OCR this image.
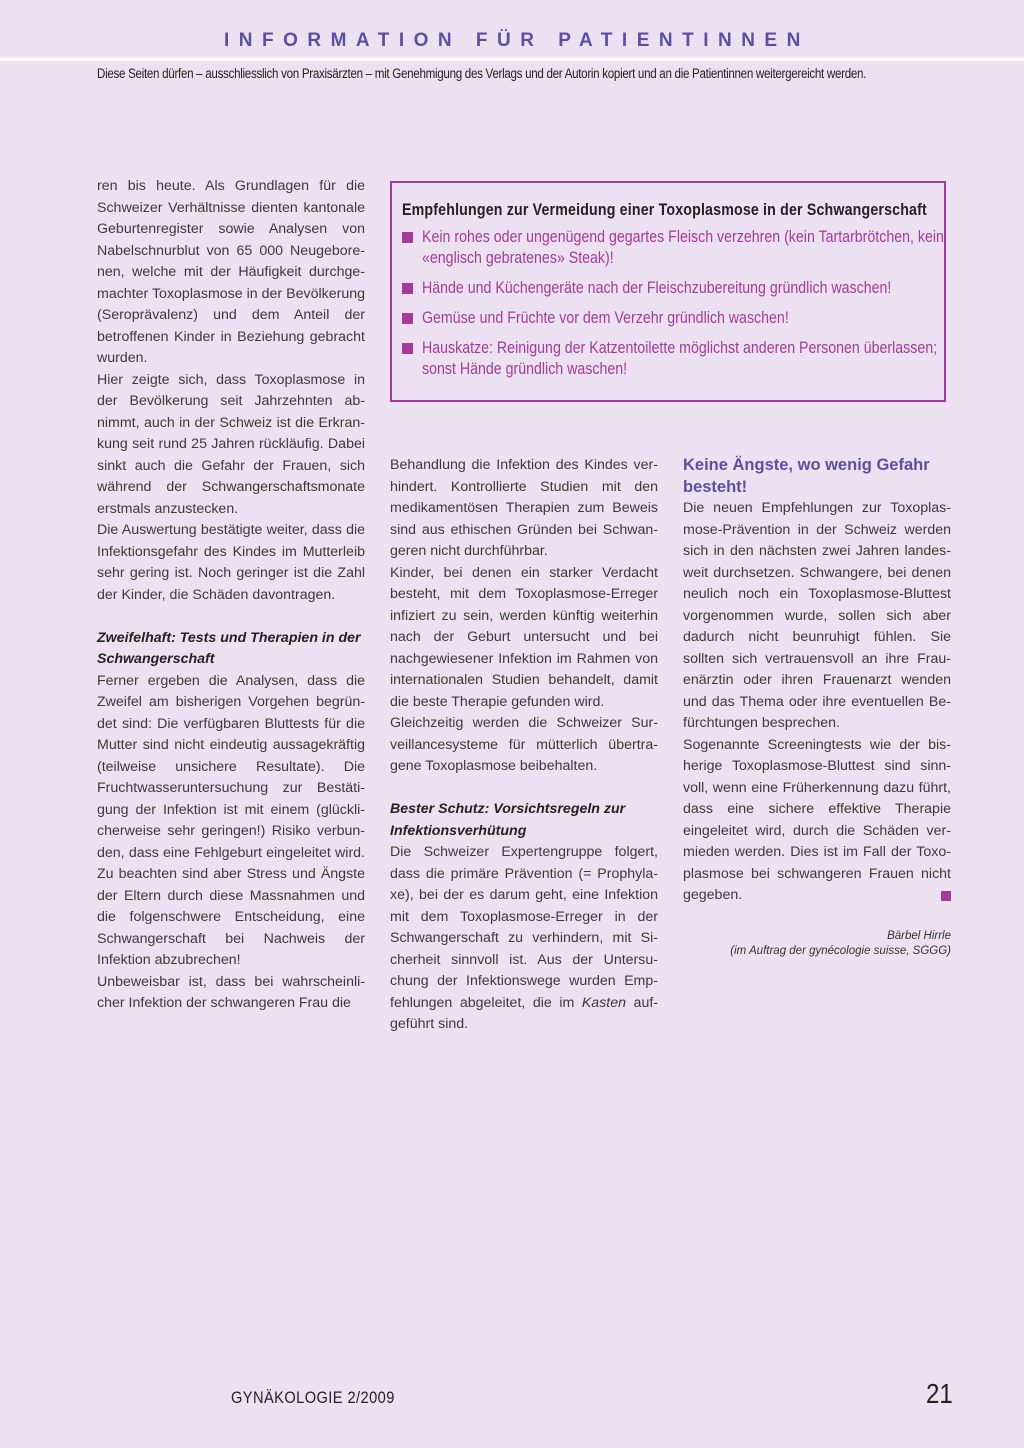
INFORMATION FÜR PATIENTINNEN
Diese Seiten dürfen – ausschliesslich von Praxisärzten – mit Genehmigung des Verlags und der Autorin kopiert und an die Patientinnen weitergereicht werden.

ren bis heute. Als Grundlagen für die Schweizer Verhältnisse dienten kantonale Geburtenregister sowie Analysen von Nabelschnurblut von 65 000 Neugeborenen, welche mit der Häufigkeit durchgemachter Toxoplasmose in der Bevölkerung (Seroprävalenz) und dem Anteil der betroffenen Kinder in Beziehung gebracht wurden.

Hier zeigte sich, dass Toxoplasmose in der Bevölkerung seit Jahrzehnten abnimmt, auch in der Schweiz ist die Erkrankung seit rund 25 Jahren rückläufig. Dabei sinkt auch die Gefahr der Frauen, sich während der Schwangerschaftsmonate erstmals anzustecken.

Die Auswertung bestätigte weiter, dass die Infektionsgefahr des Kindes im Mutterleib sehr gering ist. Noch geringer ist die Zahl der Kinder, die Schäden davontragen.

Zweifelhaft: Tests und Therapien in der Schwangerschaft

Ferner ergeben die Analysen, dass die Zweifel am bisherigen Vorgehen begründet sind: Die verfügbaren Bluttests für die Mutter sind nicht eindeutig aussagekräftig (teilweise unsichere Resultate). Die Fruchtwasseruntersuchung zur Bestätigung der Infektion ist mit einem (glücklicherweise sehr geringen!) Risiko verbunden, dass eine Fehlgeburt eingeleitet wird. Zu beachten sind aber Stress und Ängste der Eltern durch diese Massnahmen und die folgenschwere Entscheidung, eine Schwangerschaft bei Nachweis der Infektion abzubrechen!

Unbeweisbar ist, dass bei wahrscheinlicher Infektion der schwangeren Frau die

Empfehlungen zur Vermeidung einer Toxoplasmose in der Schwangerschaft
Kein rohes oder ungenügend gegartes Fleisch verzehren (kein Tartarbrötchen, kein
«englisch gebratenes» Steak)!
Hände und Küchengeräte nach der Fleischzubereitung gründlich waschen!
Gemüse und Früchte vor dem Verzehr gründlich waschen!
Hauskatze: Reinigung der Katzentoilette möglichst anderen Personen überlassen;
sonst Hände gründlich waschen!

Behandlung die Infektion des Kindes verhindert. Kontrollierte Studien mit den medikamentösen Therapien zum Beweis sind aus ethischen Gründen bei Schwangeren nicht durchführbar.

Kinder, bei denen ein starker Verdacht besteht, mit dem Toxoplasmose-Erreger infiziert zu sein, werden künftig weiterhin nach der Geburt untersucht und bei nachgewiesener Infektion im Rahmen von internationalen Studien behandelt, damit die beste Therapie gefunden wird.

Gleichzeitig werden die Schweizer Surveillancesysteme für mütterlich übertragene Toxoplasmose beibehalten.

Bester Schutz: Vorsichtsregeln zur Infektionsverhütung

Die Schweizer Expertengruppe folgert, dass die primäre Prävention (= Prophylaxe), bei der es darum geht, eine Infektion mit dem Toxoplasmose-Erreger in der Schwangerschaft zu verhindern, mit Sicherheit sinnvoll ist. Aus der Untersuchung der Infektionswege wurden Empfehlungen abgeleitet, die im Kasten aufgeführt sind.

Keine Ängste, wo wenig Gefahr besteht!

Die neuen Empfehlungen zur Toxoplasmose-Prävention in der Schweiz werden sich in den nächsten zwei Jahren landesweit durchsetzen. Schwangere, bei denen neulich noch ein Toxoplasmose-Bluttest vorgenommen wurde, sollen sich aber dadurch nicht beunruhigt fühlen. Sie sollten sich vertrauensvoll an ihre Frauenärztin oder ihren Frauenarzt wenden und das Thema oder ihre eventuellen Befürchtungen besprechen.

Sogenannte Screeningtests wie der bisherige Toxoplasmose-Bluttest sind sinnvoll, wenn eine Früherkennung dazu führt, dass eine sichere effektive Therapie eingeleitet wird, durch die Schäden vermieden werden. Dies ist im Fall der Toxoplasmose bei schwangeren Frauen nicht gegeben.

Bärbel Hirrle
(im Auftrag der gynécologie suisse, SGGG)

GYNÄKOLOGIE 2/2009	21
